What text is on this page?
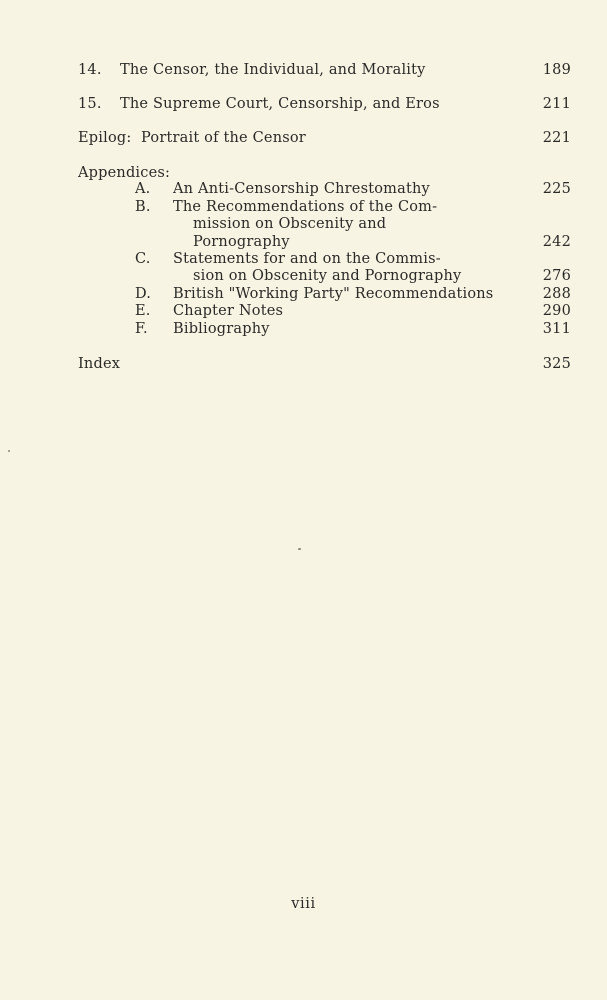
14. The Censor, the Individual, and Morality	189
15. The Supreme Court, Censorship, and Eros	211
Epilog:  Portrait of the Censor	221
Appendices:
A.	An Anti-Censorship Chrestomathy	225
B.	The Recommendations of the Com-
mission on Obscenity and
Pornography	242
C.	Statements for and on the Commis-
sion on Obscenity and Pornography	276
D.	British "Working Party" Recommendations	288
E.	Chapter Notes	290
F.	Bibliography	311
Index	325
viii
